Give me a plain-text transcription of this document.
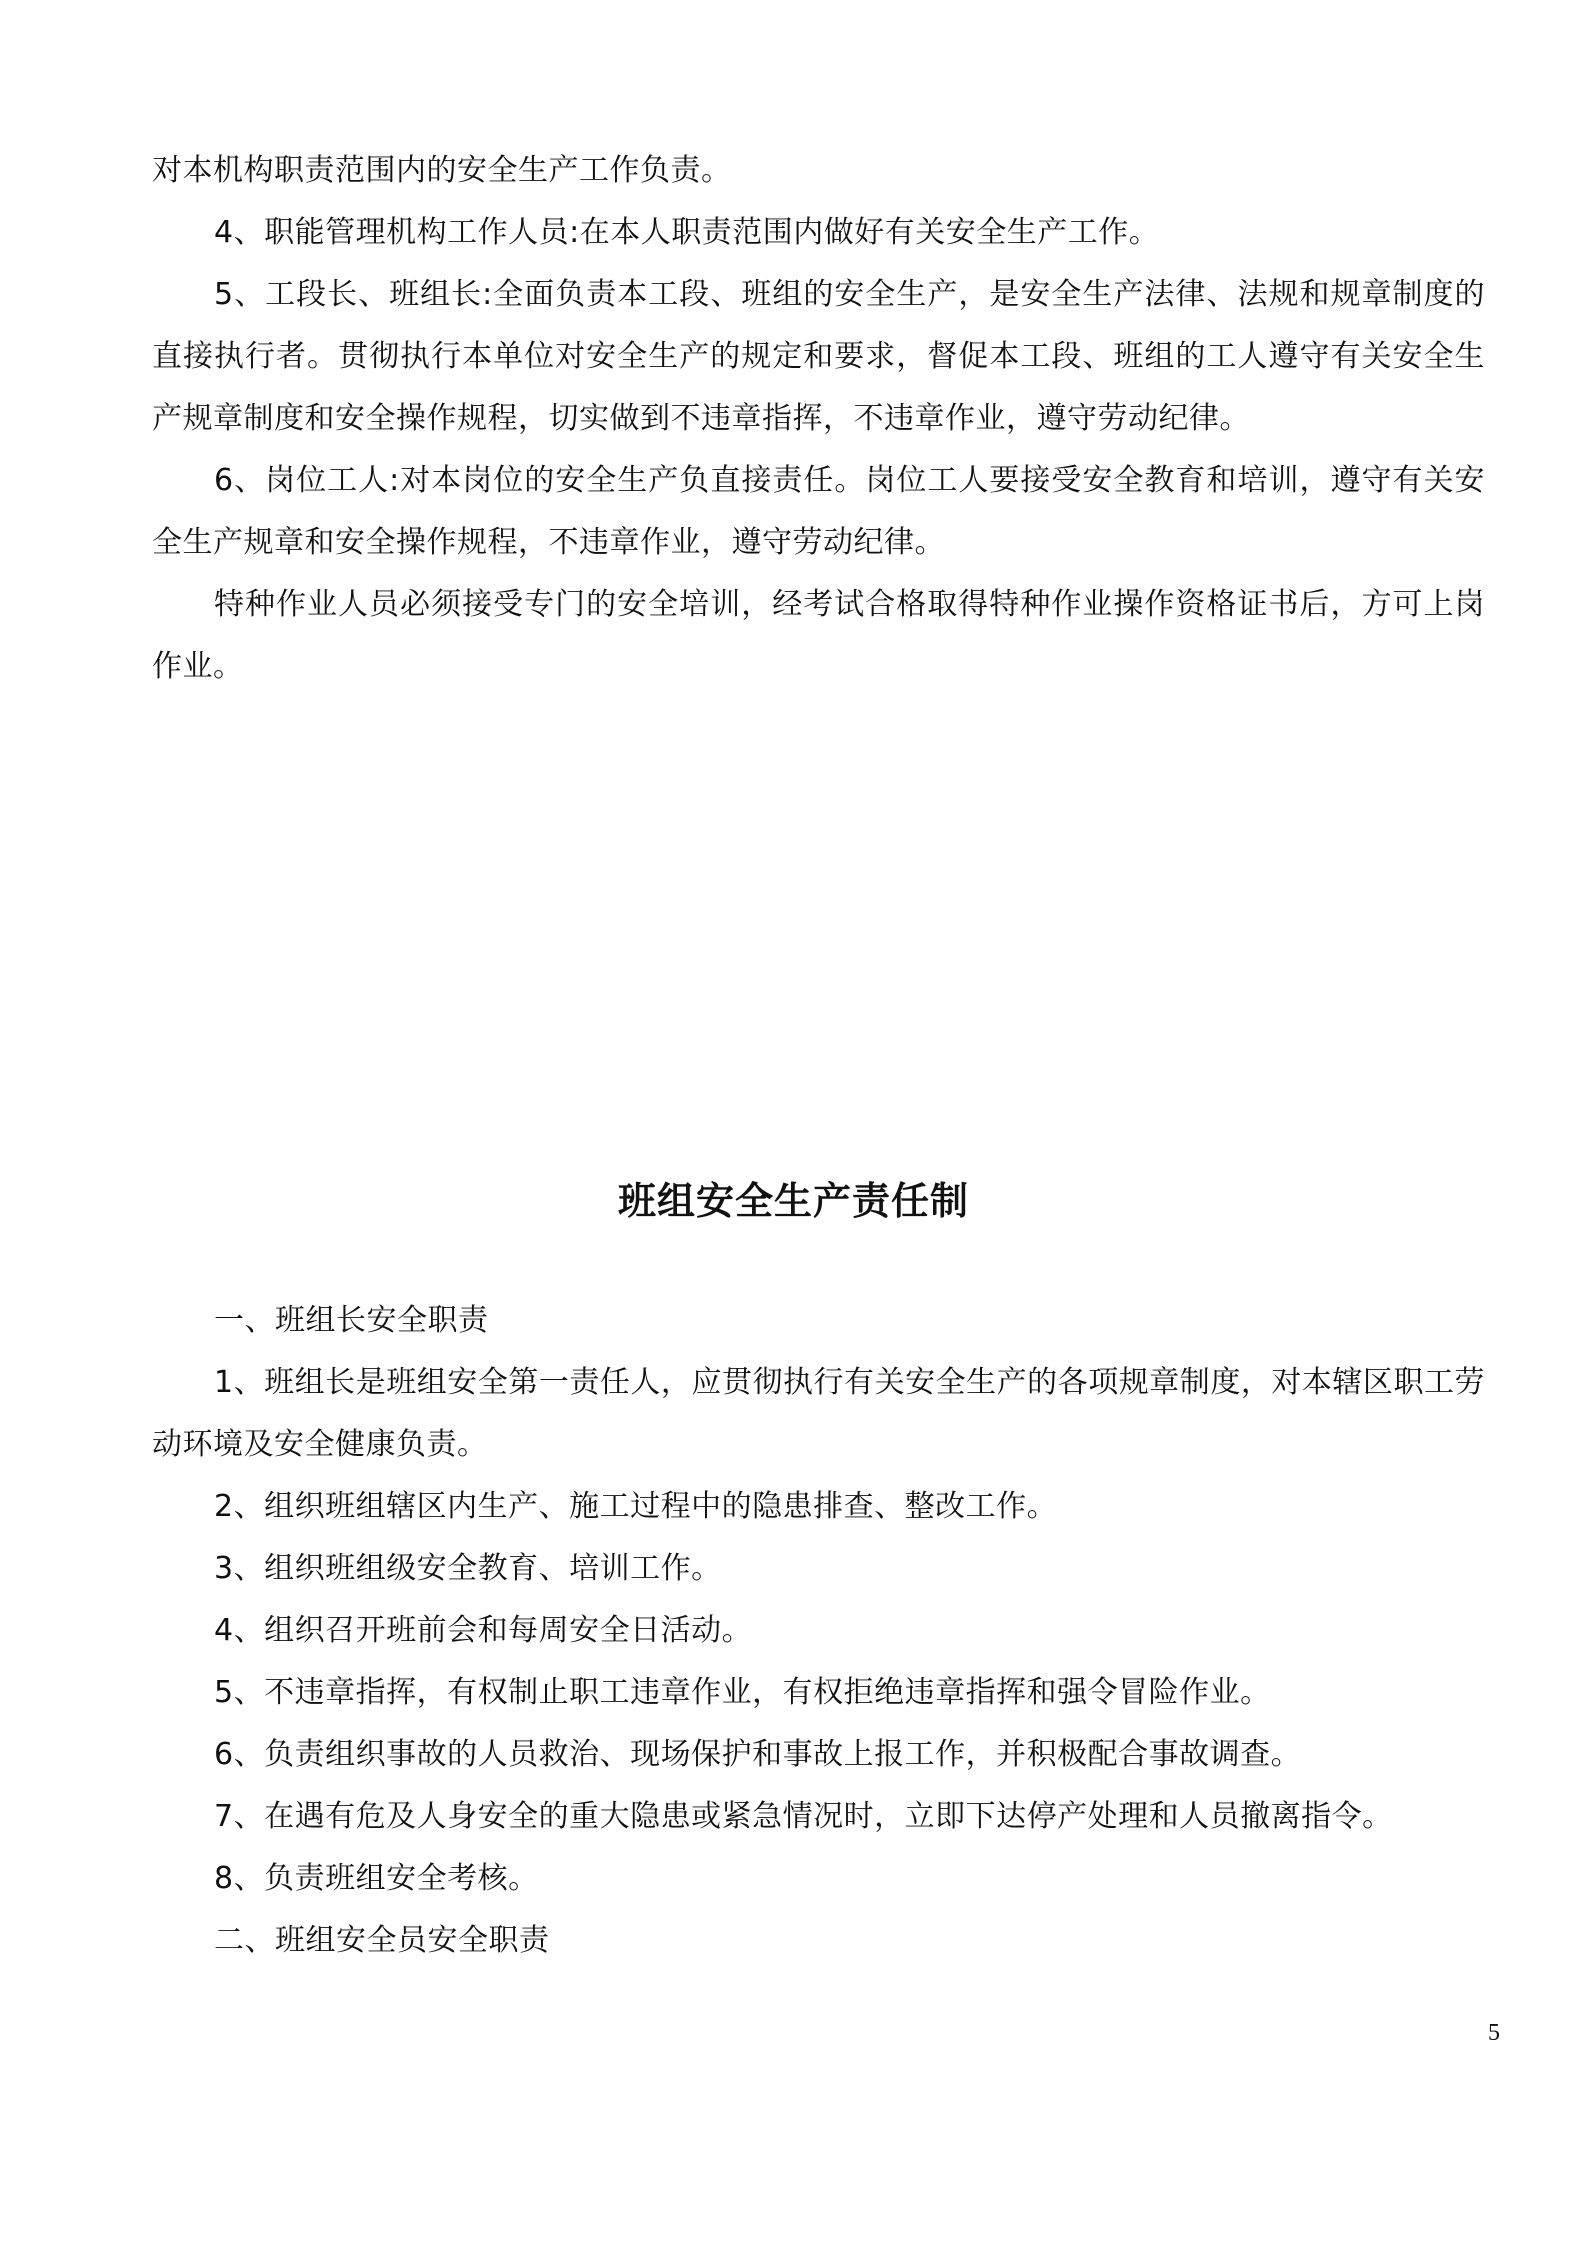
对本机构职责范围内的安全生产工作负责。

4、职能管理机构工作人员:在本人职责范围内做好有关安全生产工作。

5、工段长、班组长:全面负责本工段、班组的安全生产，是安全生产法律、法规和规章制度的直接执行者。贯彻执行本单位对安全生产的规定和要求，督促本工段、班组的工人遵守有关安全生产规章制度和安全操作规程，切实做到不违章指挥，不违章作业，遵守劳动纪律。

6、岗位工人:对本岗位的安全生产负直接责任。岗位工人要接受安全教育和培训，遵守有关安全生产规章和安全操作规程，不违章作业，遵守劳动纪律。

特种作业人员必须接受专门的安全培训，经考试合格取得特种作业操作资格证书后，方可上岗作业。

班组安全生产责任制

一、班组长安全职责

1、班组长是班组安全第一责任人，应贯彻执行有关安全生产的各项规章制度，对本辖区职工劳动环境及安全健康负责。

2、组织班组辖区内生产、施工过程中的隐患排查、整改工作。

3、组织班组级安全教育、培训工作。

4、组织召开班前会和每周安全日活动。

5、不违章指挥，有权制止职工违章作业，有权拒绝违章指挥和强令冒险作业。

6、负责组织事故的人员救治、现场保护和事故上报工作，并积极配合事故调查。

7、在遇有危及人身安全的重大隐患或紧急情况时，立即下达停产处理和人员撤离指令。

8、负责班组安全考核。

二、班组安全员安全职责

5
